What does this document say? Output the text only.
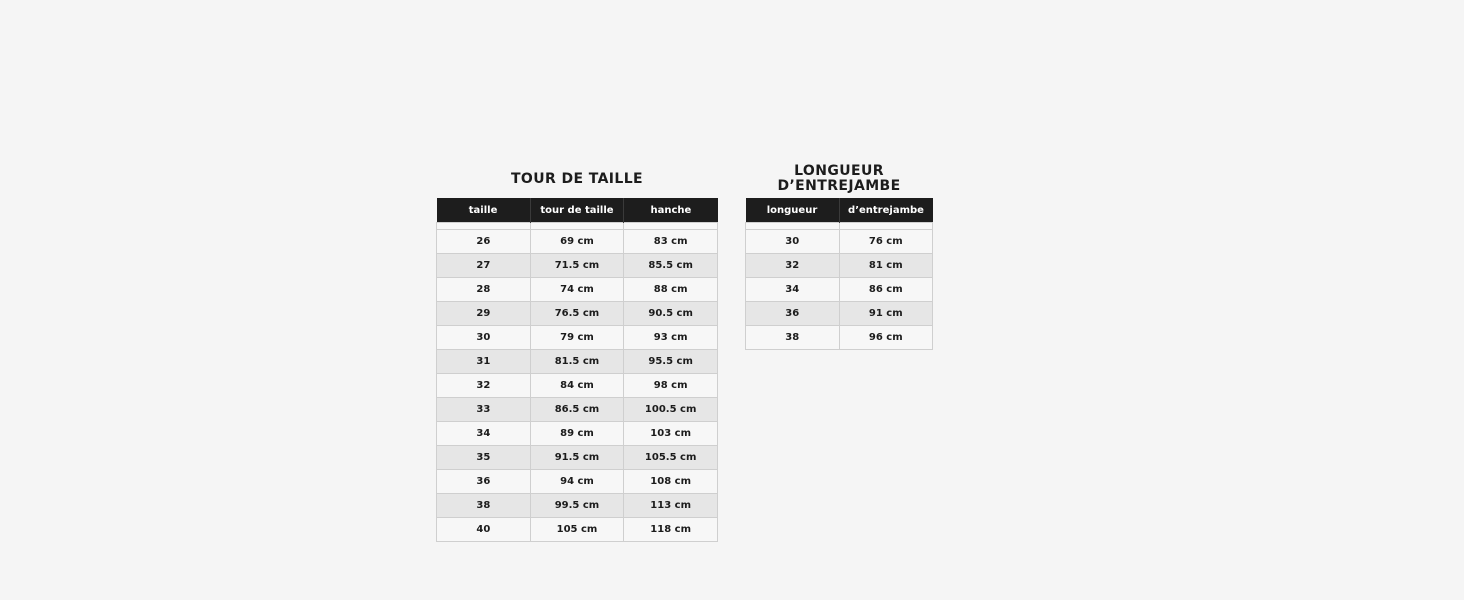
TOUR DE TAILLE
taille	tour de taille	hanche

26	69 cm	83 cm
27	71.5 cm	85.5 cm
28	74 cm	88 cm
29	76.5 cm	90.5 cm
30	79 cm	93 cm
31	81.5 cm	95.5 cm
32	84 cm	98 cm
33	86.5 cm	100.5 cm
34	89 cm	103 cm
35	91.5 cm	105.5 cm
36	94 cm	108 cm
38	99.5 cm	113 cm
40	105 cm	118 cm
LONGUEUR
D’ENTREJAMBE
longueur	d’entrejambe

30	76 cm
32	81 cm
34	86 cm
36	91 cm
38	96 cm
